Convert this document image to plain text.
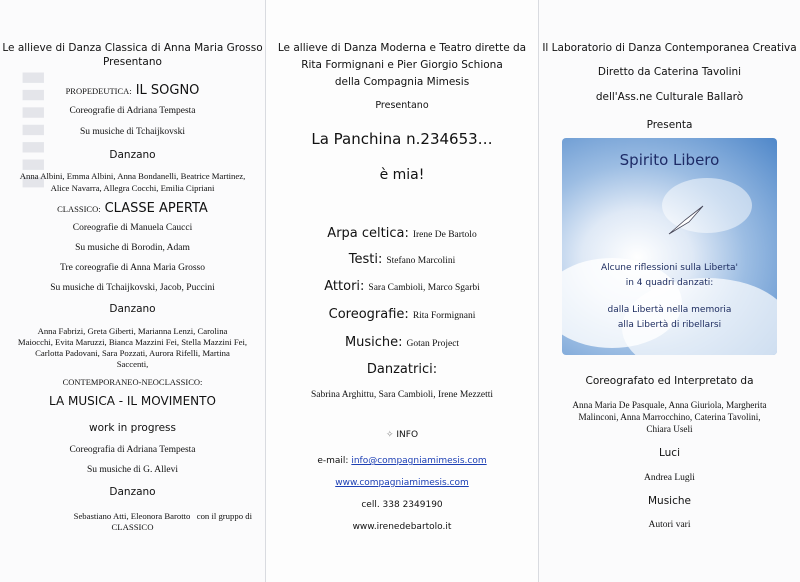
▮▮▮▮▮▮▮
Le allieve di Danza Classica di Anna Maria Grosso
Presentano
PROPEDEUTICA: IL SOGNO
Coreografie di Adriana Tempesta
Su musiche di Tchaijkovski
Danzano
Anna Albini, Emma Albini, Anna Bondanelli, Beatrice Martinez,
Alice Navarra, Allegra Cocchi, Emilia Cipriani
CLASSICO: CLASSE APERTA
Coreografie di Manuela Caucci
Su musiche di Borodin, Adam
Tre coreografie di Anna Maria Grosso
Su musiche di Tchaijkovski, Jacob, Puccini
Danzano
Anna Fabrizi, Greta Giberti, Marianna Lenzi, Carolina
Maiocchi, Evita Maruzzi, Bianca Mazzini Fei, Stella Mazzini Fei,
Carlotta Padovani, Sara Pozzati, Aurora Rifelli, Martina
Saccenti,
CONTEMPORANEO-NEOCLASSICO:
LA MUSICA - IL MOVIMENTO
work in progress
Coreografia di Adriana Tempesta
Su musiche di G. Allevi
Danzano
Sebastiano Atti, Eleonora Barotto con il gruppo di
CLASSICO
Le allieve di Danza Moderna e Teatro dirette da
Rita Formignani e Pier Giorgio Schiona
della Compagnia Mimesis
Presentano
La Panchina n.234653…
è mia!
Arpa celtica: Irene De Bartolo
Testi: Stefano Marcolini
Attori: Sara Cambioli, Marco Sgarbi
Coreografie: Rita Formignani
Musiche: Gotan Project
Danzatrici:
Sabrina Arghittu, Sara Cambioli, Irene Mezzetti
✧ INFO
e-mail: info@compagniamimesis.com
www.compagniamimesis.com
cell. 338 2349190
www.irenedebartolo.it
Il Laboratorio di Danza Contemporanea Creativa
Diretto da Caterina Tavolini
dell'Ass.ne Culturale Ballarò
Presenta
Spirito Libero
Alcune riflessioni sulla Liberta'
in 4 quadri danzati:
dalla Libertà nella memoria
alla Libertà di ribellarsi
Coreografato ed Interpretato da
Anna Maria De Pasquale, Anna Giuriola, Margherita
Malinconi, Anna Marrocchino, Caterina Tavolini,
Chiara Useli
Luci
Andrea Lugli
Musiche
Autori vari
